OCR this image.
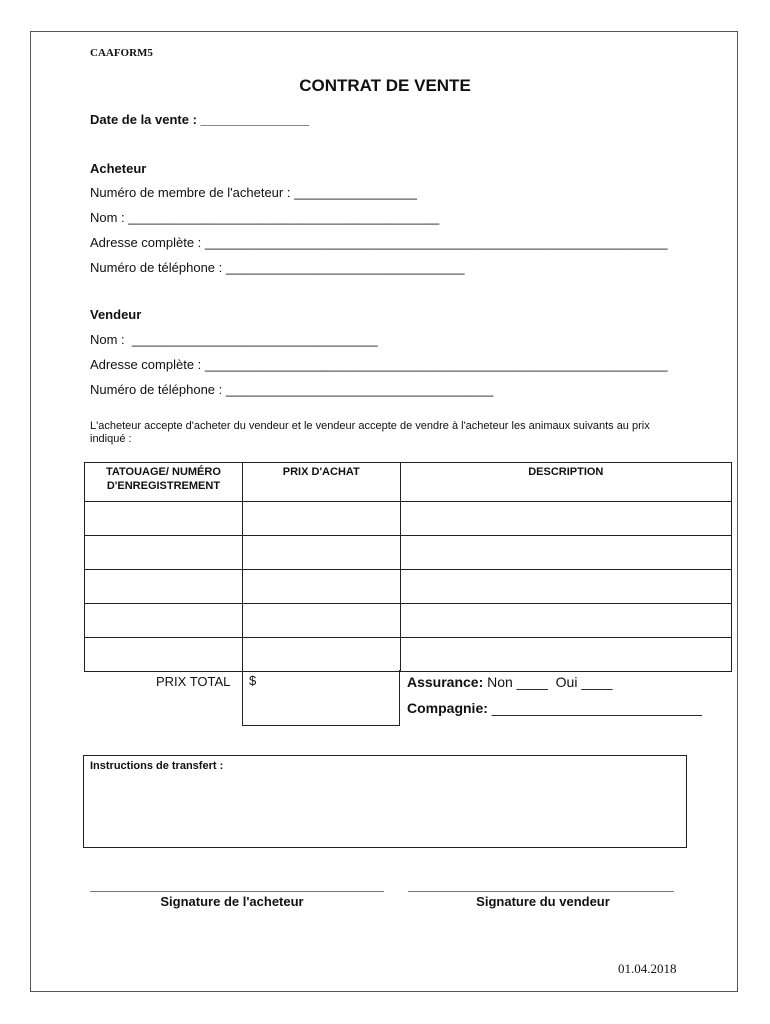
CAAFORM5
CONTRAT DE VENTE
Date de la vente : _______________
Acheteur
Numéro de membre de l'acheteur : _________________
Nom : ___________________________________________
Adresse complète : ________________________________________________________________
Numéro de téléphone : _________________________________
Vendeur
Nom :  __________________________________
Adresse complète : ________________________________________________________________
Numéro de téléphone : _____________________________________
L'acheteur accepte d'acheter du vendeur et le vendeur accepte de vendre à l'acheteur les animaux suivants au prix indiqué :
TATOUAGE/ NUMÉRO D'ENREGISTREMENT	PRIX D'ACHAT	DESCRIPTION

PRIX TOTAL $	Assurance: Non ____  Oui ____
Compagnie: ___________________________
Instructions de transfert :
Signature de l'acheteur	Signature du vendeur
01.04.2018
